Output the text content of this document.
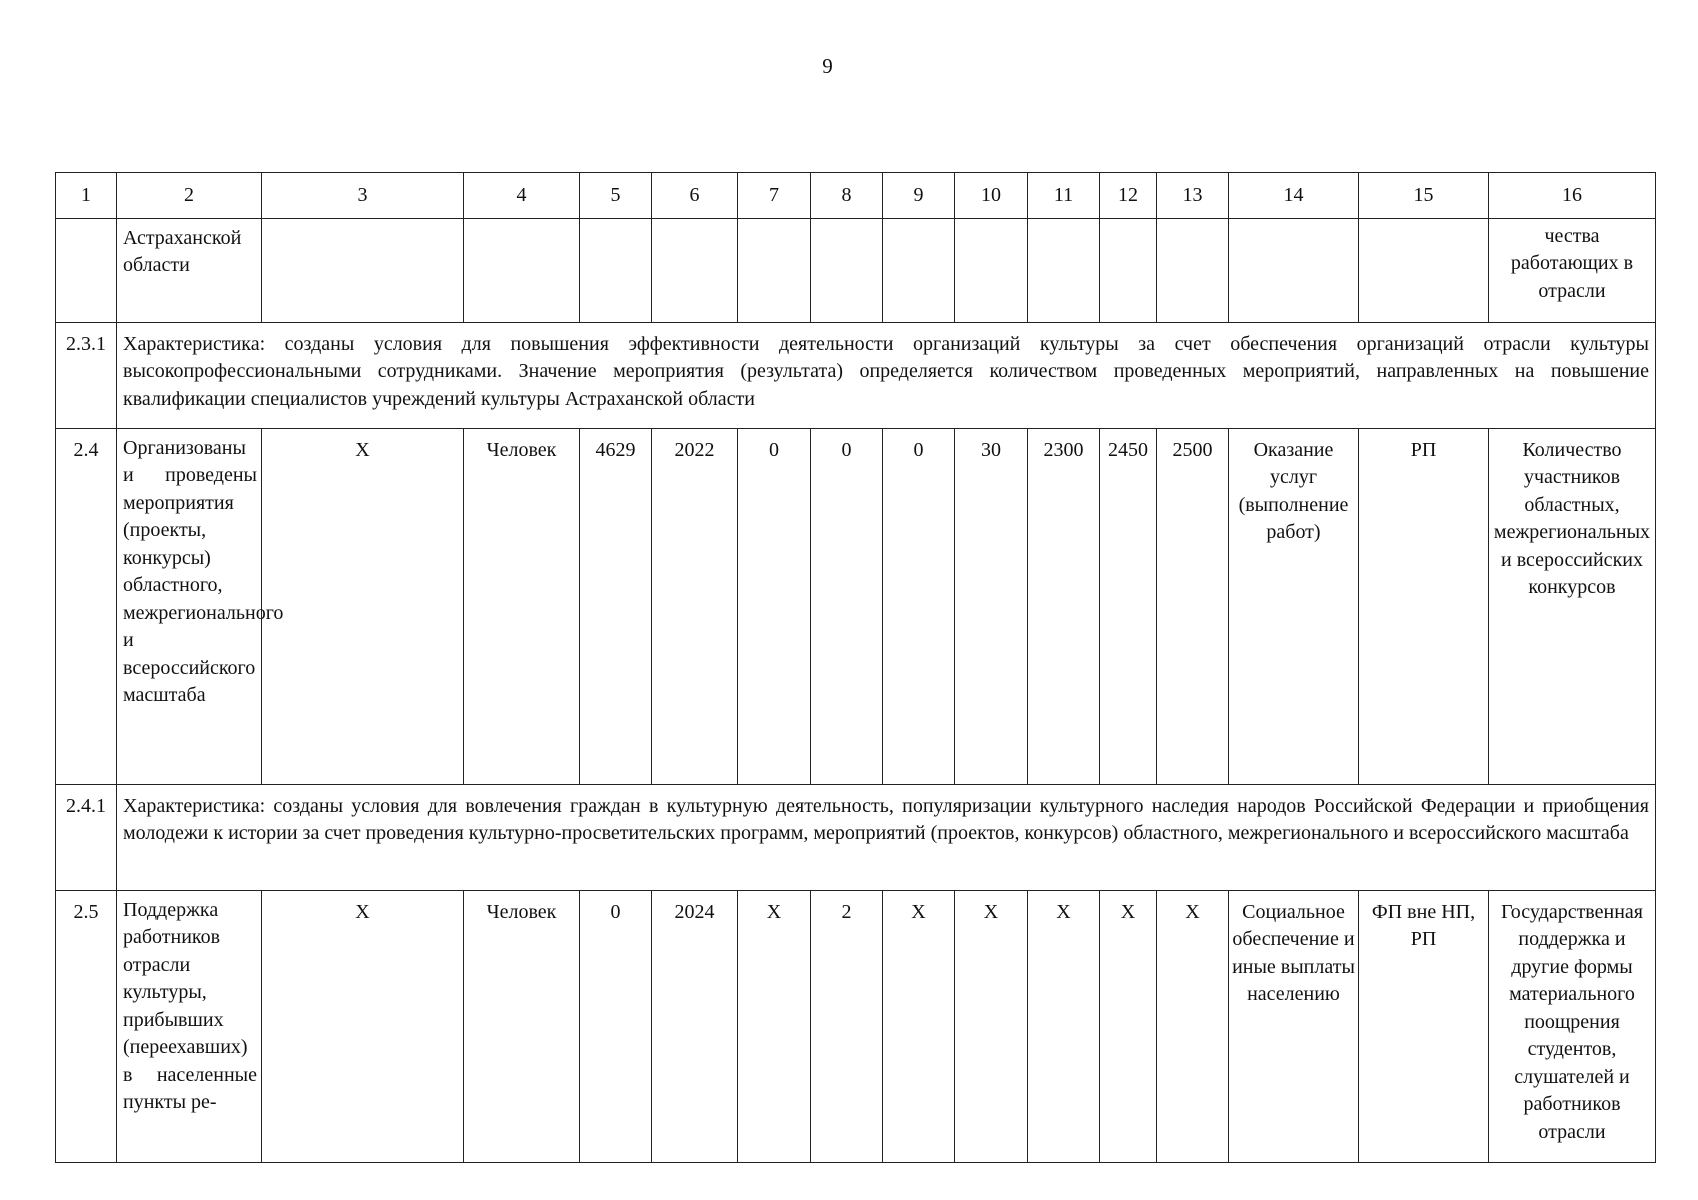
9
1	2	3	4	5	6	7	8	9	10	11	12	13	14	15	16
	Астраханской области														чества работающих в отрасли
2.3.1	Характеристика: созданы условия для повышения эффективности деятельности организаций культуры за счет обеспечения организаций отрасли культуры высокопрофессиональными сотрудниками. Значение мероприятия (результата) определяется количеством проведенных мероприятий, направленных на повышение квалификации специалистов учреждений культуры Астраханской области														
2.4	Организованы и проведены мероприятия (проекты, конкурсы) областного, межрегионального и всероссийского масштаба	Х	Человек	4629	2022	0	0	0	30	2300	2450	2500	Оказание услуг (выполнение работ)	РП	Количество участников областных, межрегиональных и всероссийских конкурсов
2.4.1	Характеристика: созданы условия для вовлечения граждан в культурную деятельность, популяризации культурного наследия народов Российской Федерации и приобщения молодежи к истории за счет проведения культурно-просветительских программ, мероприятий (проектов, конкурсов) областного, межрегионального и всероссийского масштаба														
2.5	Поддержка работников отрасли культуры, прибывших (переехавших) в населенные пункты ре-	Х	Человек	0	2024	Х	2	Х	Х	Х	Х	Х	Социальное обеспечение и иные выплаты населению	ФП вне НП, РП	Государственная поддержка и другие формы материального поощрения студентов, слушателей и работников отрасли
